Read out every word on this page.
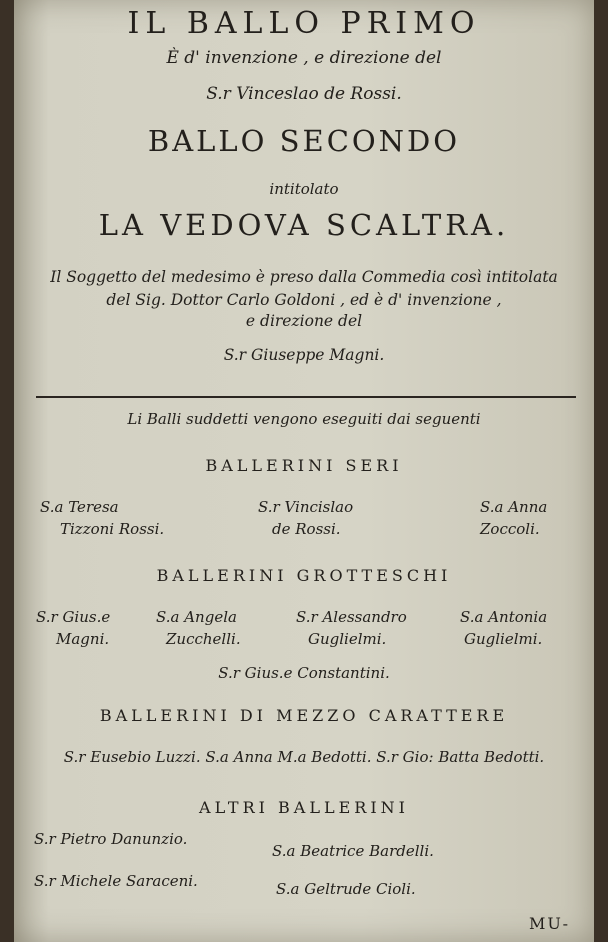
IL BALLO PRIMO
È d' invenzione , e direzione del
S.r Vinceslao de Rossi.
BALLO SECONDO
intitolato
LA VEDOVA SCALTRA.
Il Soggetto del medesimo è preso dalla Commedia così intitolata
del Sig. Dottor Carlo Goldoni , ed è d' invenzione ,
e direzione del
S.r Giuseppe Magni.
Li Balli suddetti vengono eseguiti dai seguenti
BALLERINI SERI
S.a Teresa
Tizzoni Rossi.
S.r Vincislao
de Rossi.
S.a Anna
Zoccoli.
BALLERINI GROTTESCHI
S.r Gius.e
Magni.
S.a Angela
Zucchelli.
S.r Alessandro
Guglielmi.
S.a Antonia
Guglielmi.
S.r Gius.e Constantini.
BALLERINI DI MEZZO CARATTERE
S.r Eusebio Luzzi. S.a Anna M.a Bedotti. S.r Gio: Batta Bedotti.
ALTRI BALLERINI
S.r Pietro Danunzio.
S.a Beatrice Bardelli.
S.r Michele Saraceni.	S.a Geltrude Cioli.
MU-
